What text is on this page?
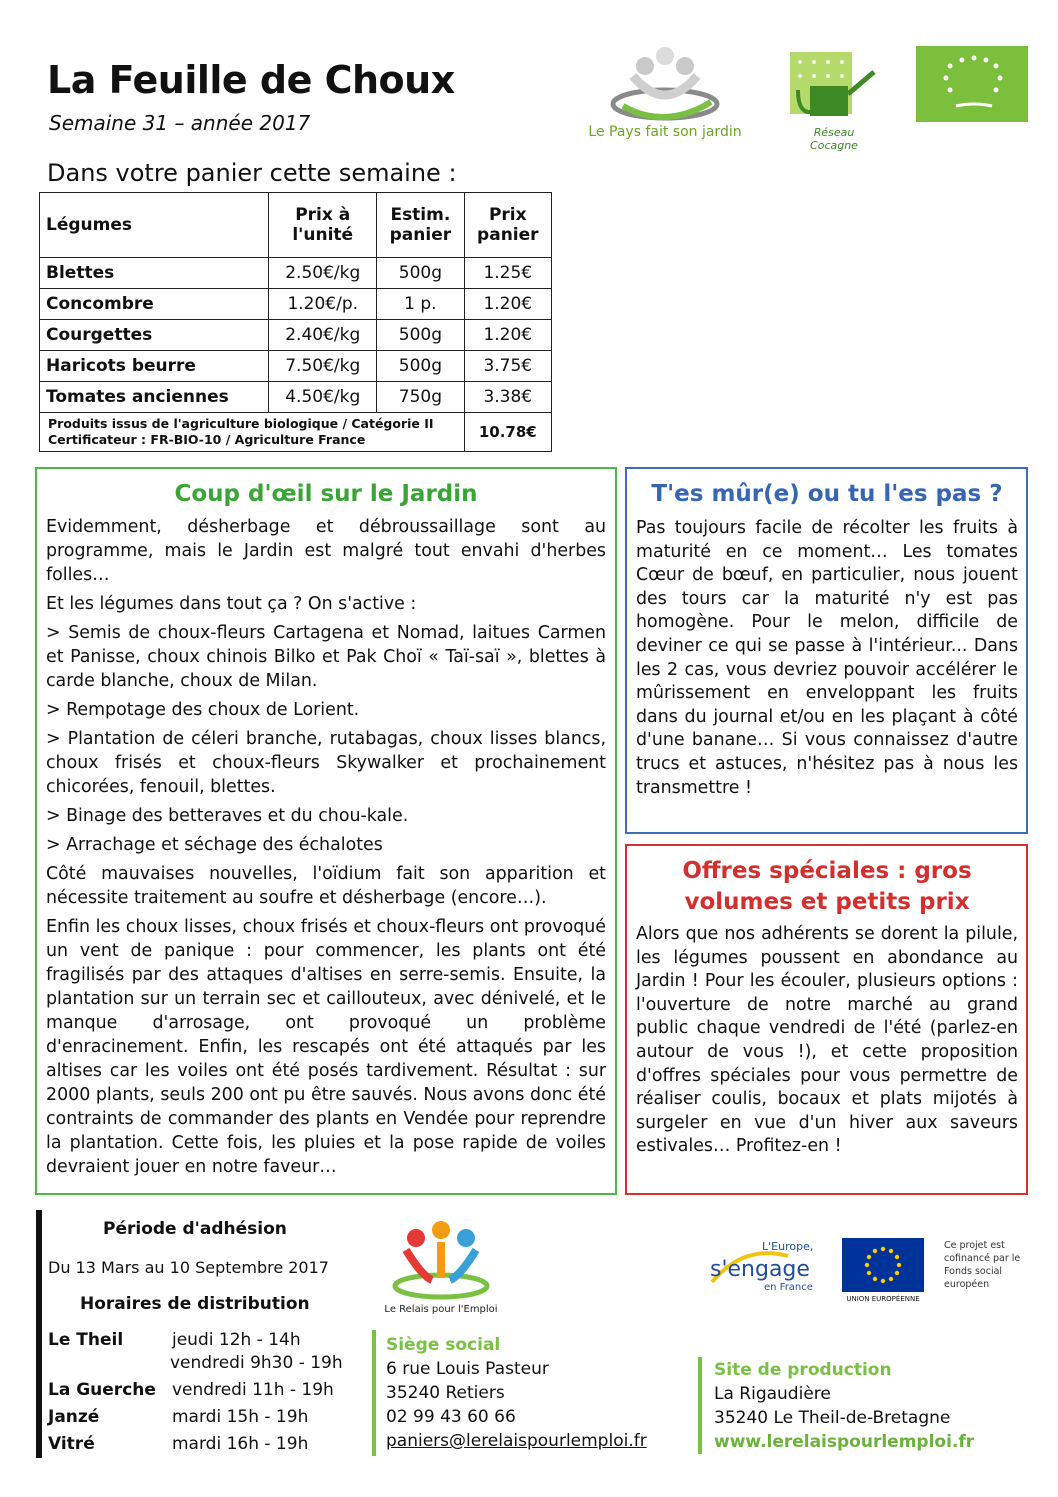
La Feuille de Choux
Semaine 31 – année 2017
Dans votre panier cette semaine :
Le Pays fait son jardin	Réseau Cocagne
Légumes	Prix à l'unité	Estim. panier	Prix panier
Blettes	2.50€/kg	500g	1.25€
Concombre	1.20€/p.	1 p.	1.20€
Courgettes	2.40€/kg	500g	1.20€
Haricots beurre	7.50€/kg	500g	3.75€
Tomates anciennes	4.50€/kg	750g	3.38€

Produits issus de l'agriculture biologique / Catégorie II
Certificateur : FR-BIO-10 / Agriculture France			10.78€
Coup d'œil sur le Jardin

Evidemment, désherbage et débroussaillage sont au programme, mais le Jardin est malgré tout envahi d'herbes folles…

Et les légumes dans tout ça ? On s'active :

> Semis de choux-fleurs Cartagena et Nomad, laitues Carmen et Panisse, choux chinois Bilko et Pak Choï « Taï-saï », blettes à carde blanche, choux de Milan.

> Rempotage des choux de Lorient.

> Plantation de céleri branche, rutabagas, choux lisses blancs, choux frisés et choux-fleurs Skywalker et prochainement chicorées, fenouil, blettes.

> Binage des betteraves et du chou-kale.

> Arrachage et séchage des échalotes

Côté mauvaises nouvelles, l'oïdium fait son apparition et nécessite traitement au soufre et désherbage (encore…).

Enfin les choux lisses, choux frisés et choux-fleurs ont provoqué un vent de panique : pour commencer, les plants ont été fragilisés par des attaques d'altises en serre-semis. Ensuite, la plantation sur un terrain sec et caillouteux, avec dénivelé, et le manque d'arrosage, ont provoqué un problème d'enracinement. Enfin, les rescapés ont été attaqués par les altises car les voiles ont été posés tardivement. Résultat : sur 2000 plants, seuls 200 ont pu être sauvés. Nous avons donc été contraints de commander des plants en Vendée pour reprendre la plantation. Cette fois, les pluies et la pose rapide de voiles devraient jouer en notre faveur…

T'es mûr(e) ou tu l'es pas ?
Pas toujours facile de récolter les fruits à maturité en ce moment… Les tomates Cœur de bœuf, en particulier, nous jouent des tours car la maturité n'y est pas homogène. Pour le melon, difficile de deviner ce qui se passe à l'intérieur... Dans les 2 cas, vous devriez pouvoir accélérer le mûrissement en enveloppant les fruits dans du journal et/ou en les plaçant à côté d'une banane… Si vous connaissez d'autre trucs et astuces, n'hésitez pas à nous les transmettre !
Offres spéciales : gros
volumes et petits prix
Alors que nos adhérents se dorent la pilule, les légumes poussent en abondance au Jardin ! Pour les écouler, plusieurs options : l'ouverture de notre marché au grand public chaque vendredi de l'été (parlez-en autour de vous !), et cette proposition d'offres spéciales pour vous permettre de réaliser coulis, bocaux et plats mijotés à surgeler en vue d'un hiver aux saveurs estivales… Profitez-en !
Période d'adhésion
Du 13 Mars au 10 Septembre 2017
Horaires de distribution
Le Theil	jeudi 12h - 14h
vendredi 9h30 - 19h
La Guerche vendredi 11h - 19h
Janzé	mardi 15h - 19h
Vitré	mardi 16h - 19h
Le Relais pour l'Emploi
Siège social
6 rue Louis Pasteur
35240 Retiers
02 99 43 60 66
paniers@lerelaispourlemploi.fr
Site de production
La Rigaudière
35240 Le Theil-de-Bretagne
www.lerelaispourlemploi.fr
L'Europe,
s'engage
en France
UNION EUROPÉENNE
Ce projet est cofinancé par le Fonds social européen
